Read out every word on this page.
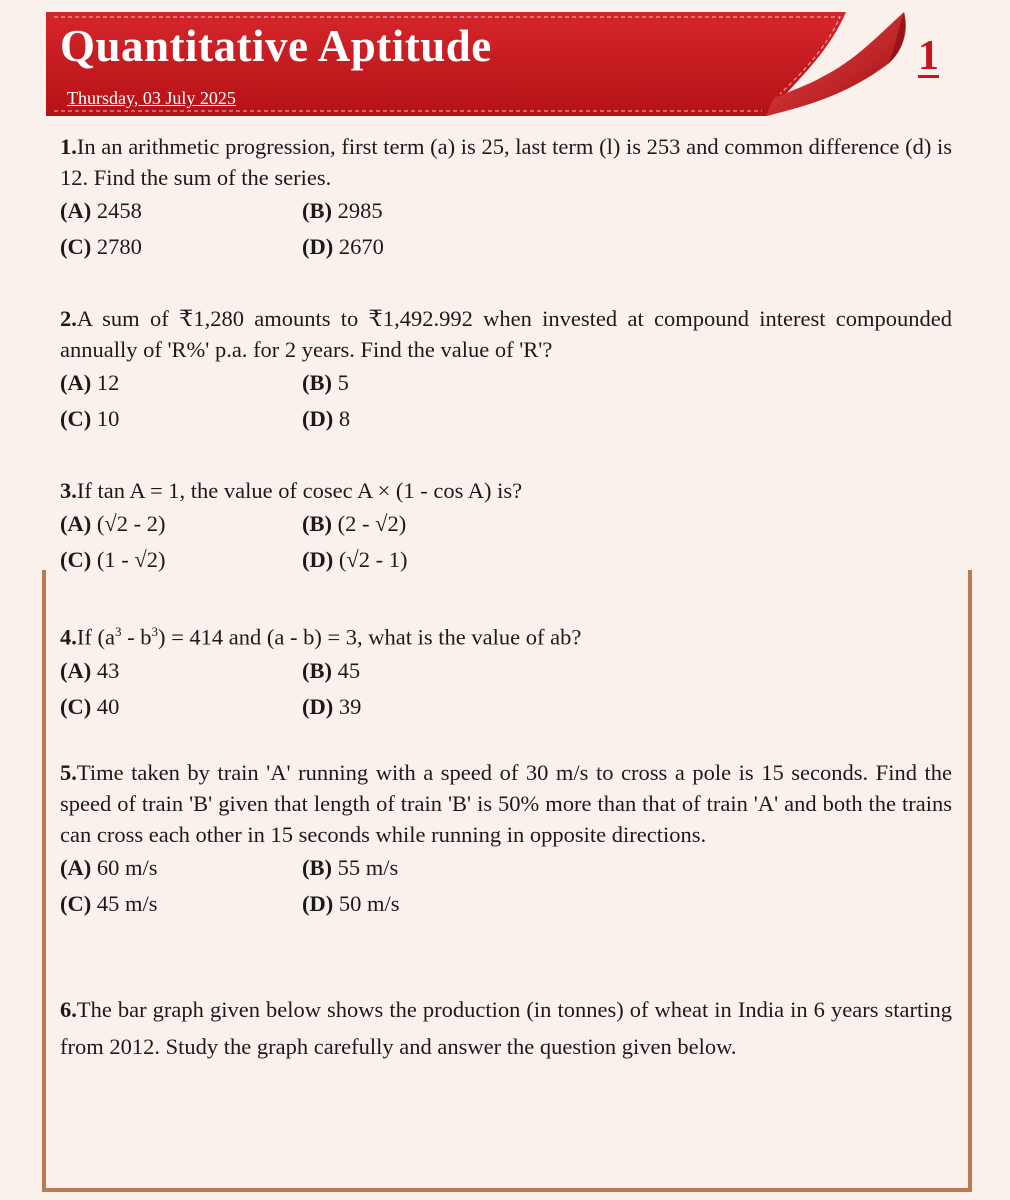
Quantitative Aptitude
Thursday, 03 July 2025
1

1.In an arithmetic progression, first term (a) is 25, last term (l) is 253 and common difference (d) is 12. Find the sum of the series.

(A) 2458	(B) 2985
(C) 2780	(D) 2670

2.A sum of ₹1,280 amounts to ₹1,492.992 when invested at compound interest compounded annually of 'R%' p.a. for 2 years. Find the value of 'R'?

(A) 12	(B) 5
(C) 10	(D) 8

3.If tan A = 1, the value of cosec A × (1 - cos A) is?

(A) (√2 - 2)	(B) (2 - √2)
(C) (1 - √2)	(D) (√2 - 1)

4.If $(a^3 - b^3) = 414$ and (a - b) = 3, what is the value of ab?

(A) 43	(B) 45
(C) 40	(D) 39

5.Time taken by train 'A' running with a speed of 30 m/s to cross a pole is 15 seconds. Find the speed of train 'B' given that length of train 'B' is 50% more than that of train 'A' and both the trains can cross each other in 15 seconds while running in opposite directions.

(A) 60 m/s	(B) 55 m/s
(C) 45 m/s	(D) 50 m/s

6.The bar graph given below shows the production (in tonnes) of wheat in India in 6 years starting from 2012. Study the graph carefully and answer the question given below.
